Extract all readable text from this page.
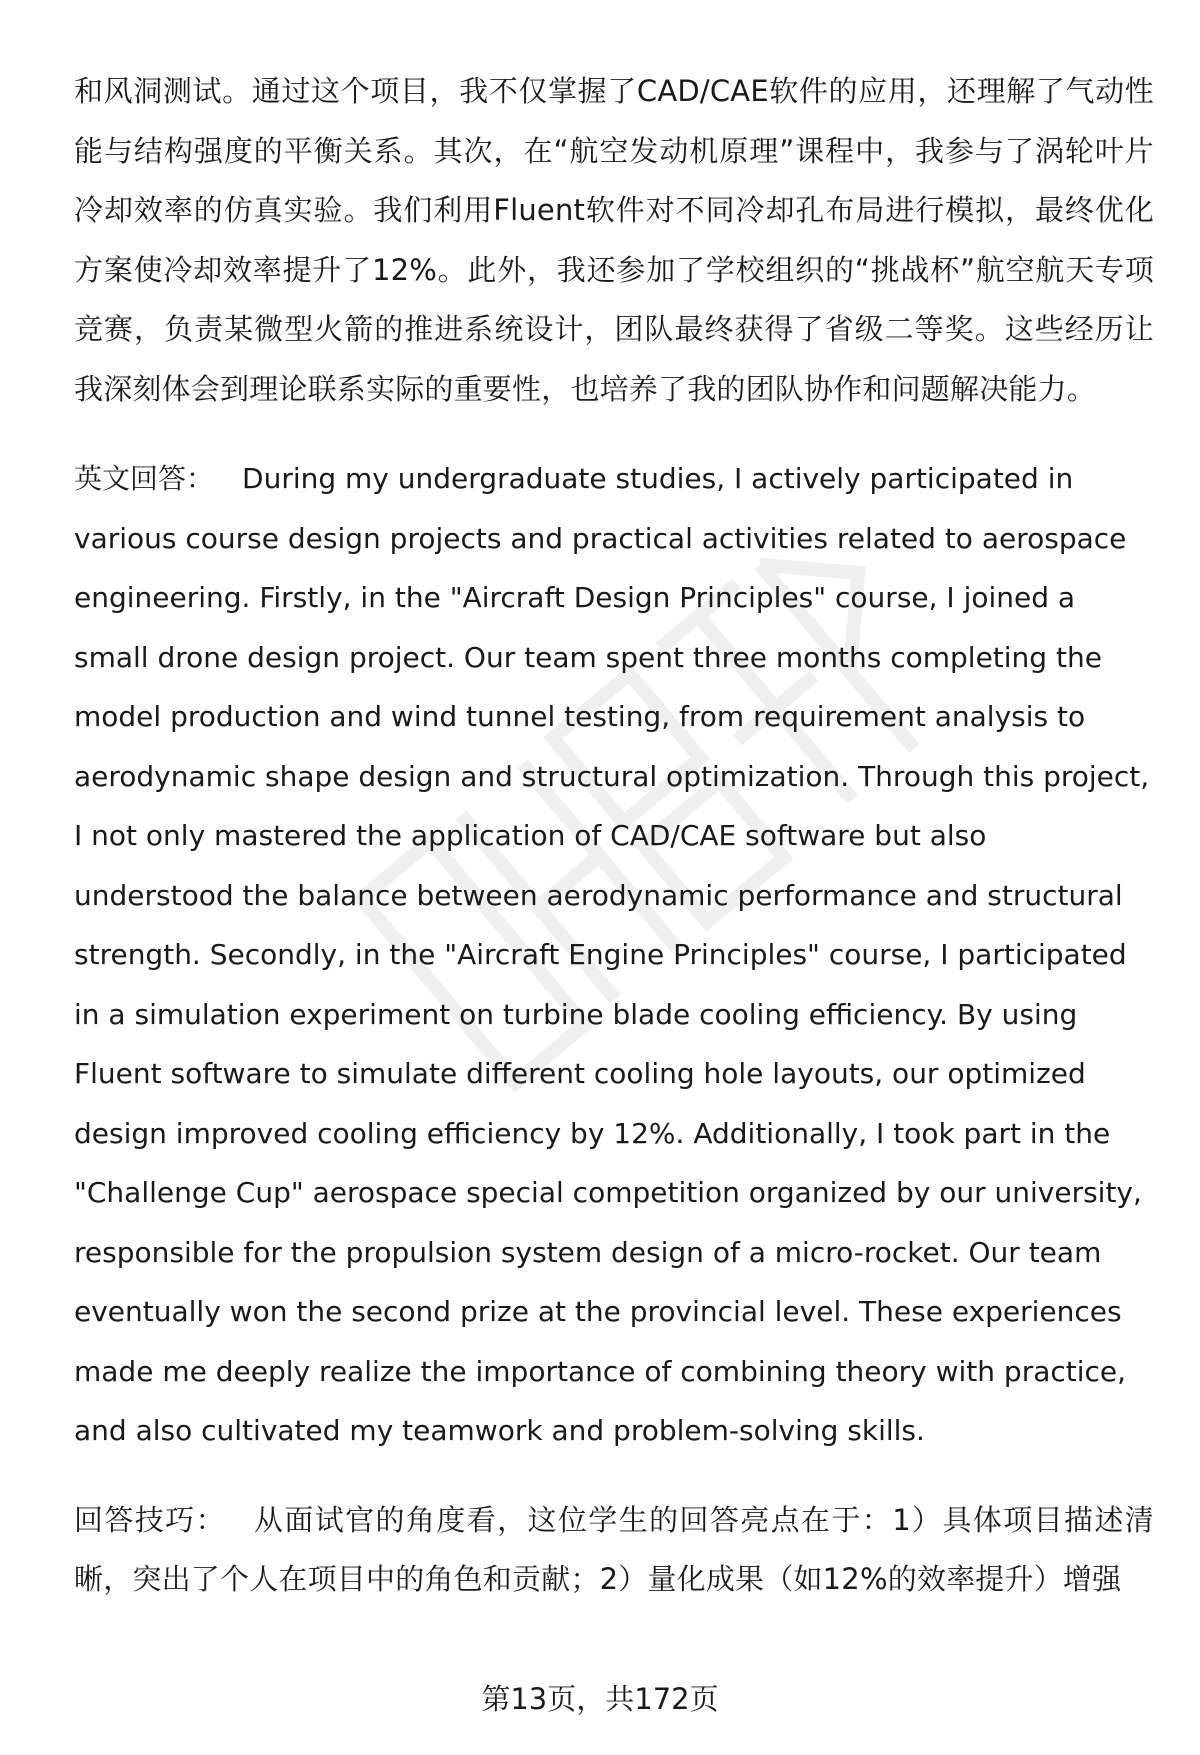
和风洞测试。通过这个项目，我不仅掌握了CAD/CAE软件的应用，还理解了气动性能与结构强度的平衡关系。其次，在“航空发动机原理”课程中，我参与了涡轮叶片冷却效率的仿真实验。我们利用Fluent软件对不同冷却孔布局进行模拟，最终优化方案使冷却效率提升了12%。此外，我还参加了学校组织的“挑战杯”航空航天专项竞赛，负责某微型火箭的推进系统设计，团队最终获得了省级二等奖。这些经历让我深刻体会到理论联系实际的重要性，也培养了我的团队协作和问题解决能力。

英文回答： During my undergraduate studies, I actively participated in various course design projects and practical activities related to aerospace engineering. Firstly, in the "Aircraft Design Principles" course, I joined a small drone design project. Our team spent three months completing the model production and wind tunnel testing, from requirement analysis to aerodynamic shape design and structural optimization. Through this project, I not only mastered the application of CAD/CAE software but also understood the balance between aerodynamic performance and structural strength. Secondly, in the "Aircraft Engine Principles" course, I participated in a simulation experiment on turbine blade cooling efficiency. By using Fluent software to simulate different cooling hole layouts, our optimized design improved cooling efficiency by 12%. Additionally, I took part in the "Challenge Cup" aerospace special competition organized by our university, responsible for the propulsion system design of a micro-rocket. Our team eventually won the second prize at the provincial level. These experiences made me deeply realize the importance of combining theory with practice, and also cultivated my teamwork and problem-solving skills.

回答技巧： 从面试官的角度看，这位学生的回答亮点在于：1）具体项目描述清晰，突出了个人在项目中的角色和贡献；2）量化成果（如12%的效率提升）增强

第13页，共172页
